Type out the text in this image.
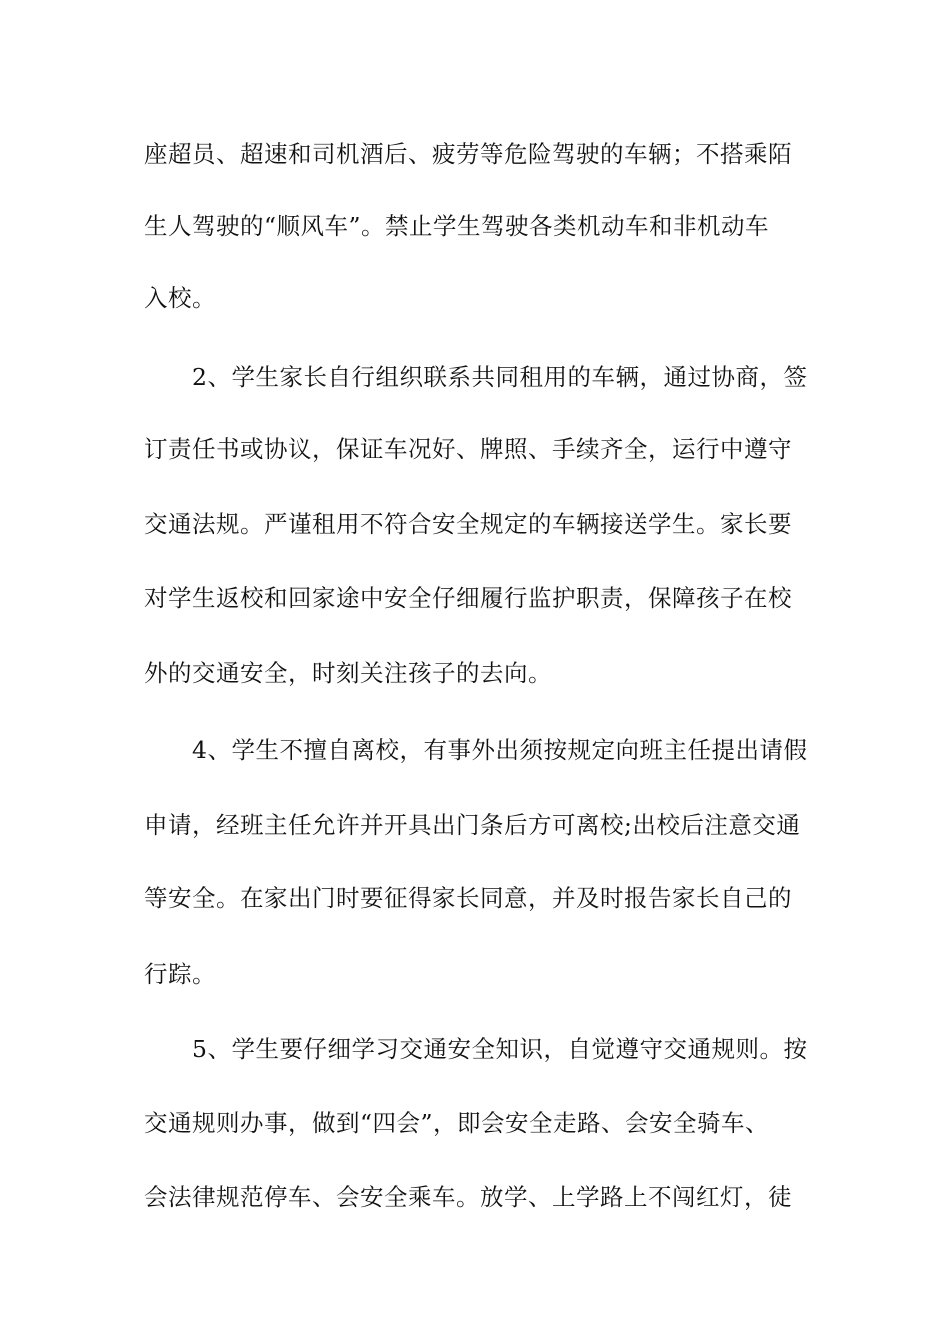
座超员、超速和司机酒后、疲劳等危险驾驶的车辆；不搭乘陌
生人驾驶的“顺风车”。禁止学生驾驶各类机动车和非机动车
入校。
2、学生家长自行组织联系共同租用的车辆，通过协商，签
订责任书或协议，保证车况好、牌照、手续齐全，运行中遵守
交通法规。严谨租用不符合安全规定的车辆接送学生。家长要
对学生返校和回家途中安全仔细履行监护职责，保障孩子在校
外的交通安全，时刻关注孩子的去向。
4、学生不擅自离校，有事外出须按规定向班主任提出请假
申请，经班主任允许并开具出门条后方可离校;出校后注意交通
等安全。在家出门时要征得家长同意，并及时报告家长自己的
行踪。
5、学生要仔细学习交通安全知识，自觉遵守交通规则。按
交通规则办事，做到“四会”，即会安全走路、会安全骑车、
会法律规范停车、会安全乘车。放学、上学路上不闯红灯，徒
